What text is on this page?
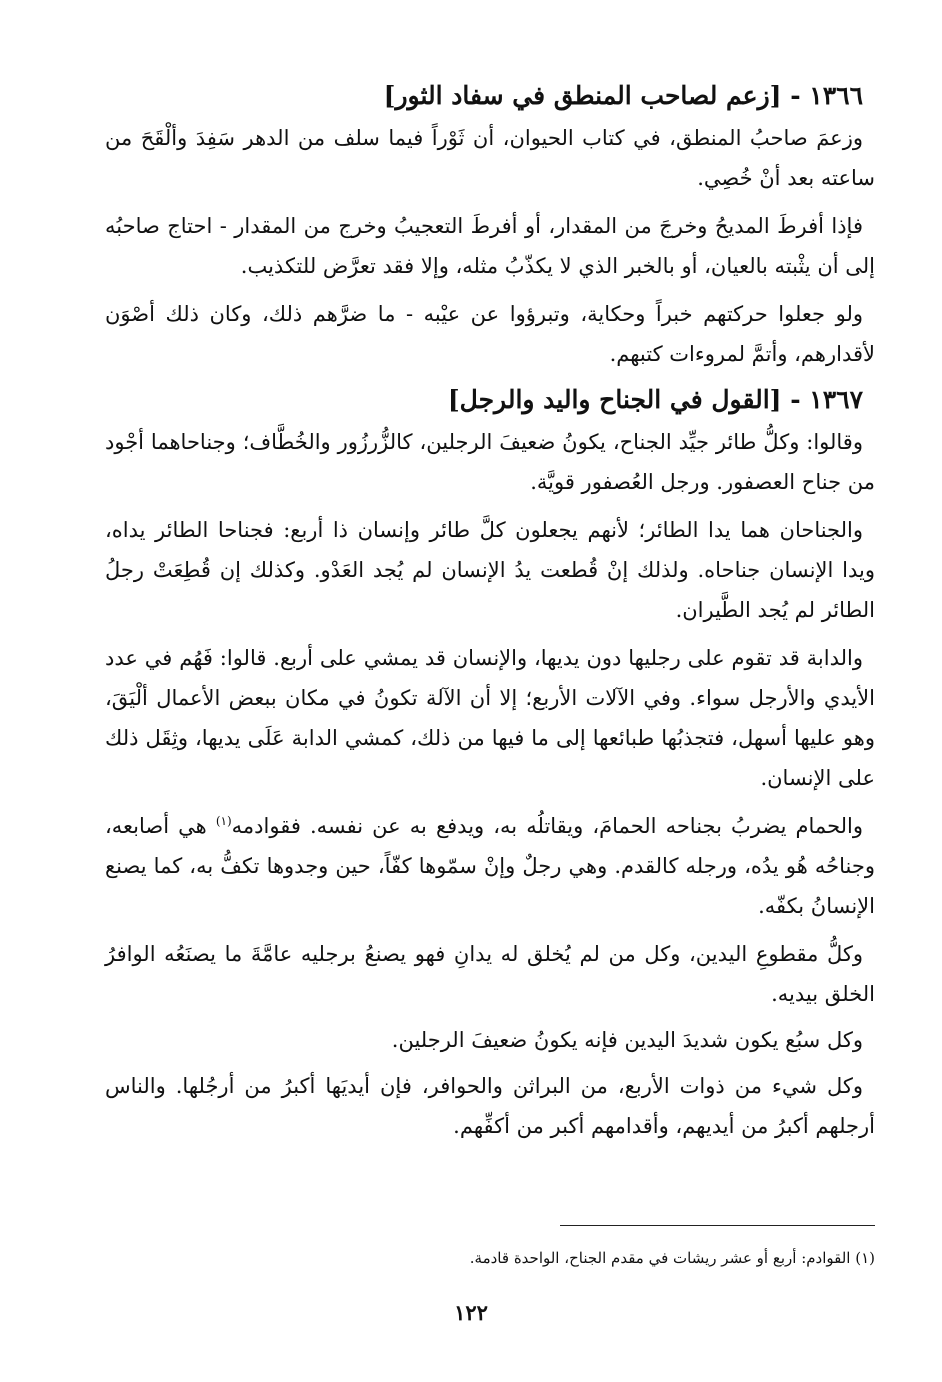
١٣٦٦ - [زعم لصاحب المنطق في سفاد الثور]

وزعمَ صاحبُ المنطق، في كتاب الحيوان، أن ثَوْراً فيما سلف من الدهر سَفِدَ وألْقَحَ من ساعته بعد أنْ خُصِي.

فإذا أفرطَ المديحُ وخرجَ من المقدار، أو أفرطَ التعجيبُ وخرج من المقدار - احتاج صاحبُه إلى أن يثْبته بالعيان، أو بالخبر الذي لا يكذّبُ مثله، وإلا فقد تعرَّض للتكذيب.

ولو جعلوا حركتهم خبراً وحكاية، وتبرؤوا عن عيْبه - ما ضرَّهم ذلك، وكان ذلك أصْوَن لأقدارهم، وأتمَّ لمروءات كتبهم.

١٣٦٧ - [القول في الجناح واليد والرجل]

وقالوا: وكلُّ طائر جيِّد الجناح، يكونُ ضعيفَ الرجلين، كالزُّرزُور والخُطَّاف؛ وجناحاهما أجْود من جناح العصفور. ورجل العُصفور قويَّة.

والجناحان هما يدا الطائر؛ لأنهم يجعلون كلَّ طائر وإنسان ذا أربع: فجناحا الطائر يداه، ويدا الإنسان جناحاه. ولذلك إنْ قُطعت يدُ الإنسان لم يُجد العَدْو. وكذلك إن قُطِعَتْ رجلُ الطائر لم يُجد الطَّيران.

والدابة قد تقوم على رجليها دون يديها، والإنسان قد يمشي على أربع. قالوا: فَهُم في عدد الأيدي والأرجل سواء. وفي الآلات الأربع؛ إلا أن الآلة تكونُ في مكان ببعض الأعمال ألْيَقَ، وهو عليها أسهل، فتجذبُها طبائعها إلى ما فيها من ذلك، كمشي الدابة عَلَى يديها، وثِقَل ذلك على الإنسان.

والحمام يضربُ بجناحه الحمامَ، ويقاتلُه به، ويدفع به عن نفسه. فقوادمه$^{(١)}$ هي أصابعه، وجناحُه هُو يدُه، ورجله كالقدم. وهي رجلٌ وإنْ سمّوها كفّاً، حين وجدوها تكفُّ به، كما يصنع الإنسانُ بكفّه.

وكلُّ مقطوعِ اليدين، وكل من لم يُخلق له يدانِ فهو يصنعُ برجليه عامَّةَ ما يصنَعُه الوافرُ الخلق بيديه.

وكل سبُع يكون شديدَ اليدين فإنه يكونُ ضعيفَ الرجلين.

وكل شيء من ذوات الأربع، من البراثن والحوافر، فإن أيديَها أكبرُ من أرجُلها. والناس أرجلهم أكبرُ من أيديهم، وأقدامهم أكبر من أكفِّهم.

(١) القوادم: أربع أو عشر ريشات في مقدم الجناح، الواحدة قادمة.
١٢٢
